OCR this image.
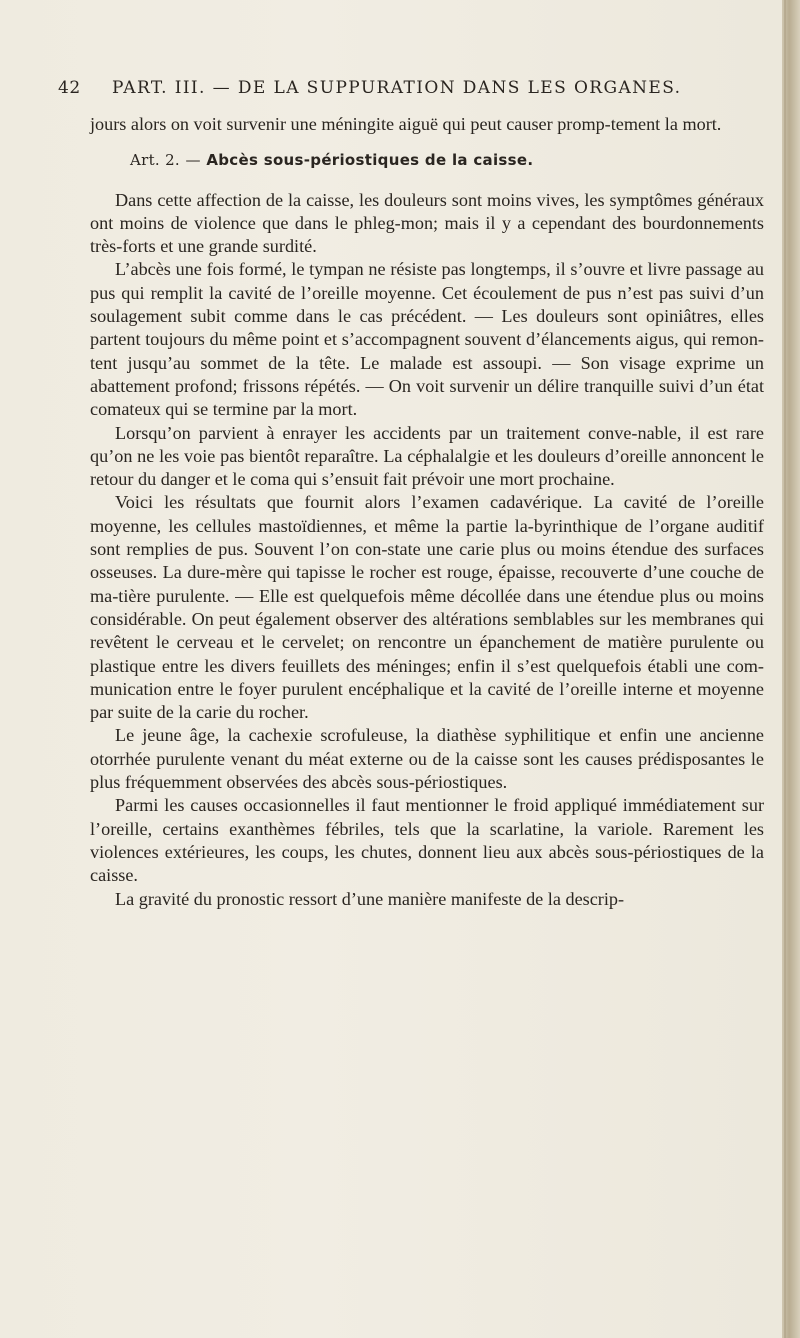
42 PART. III. — DE LA SUPPURATION DANS LES ORGANES.

jours alors on voit survenir une méningite aiguë qui peut causer promp-tement la mort.

Art. 2. — Abcès sous-périostiques de la caisse.

Dans cette affection de la caisse, les douleurs sont moins vives, les symptômes généraux ont moins de violence que dans le phleg-mon; mais il y a cependant des bourdonnements très-forts et une grande surdité.

L’abcès une fois formé, le tympan ne résiste pas longtemps, il s’ouvre et livre passage au pus qui remplit la cavité de l’oreille moyenne. Cet écoulement de pus n’est pas suivi d’un soulagement subit comme dans le cas précédent. — Les douleurs sont opiniâtres, elles partent toujours du même point et s’accompagnent souvent d’élancements aigus, qui remon-tent jusqu’au sommet de la tête. Le malade est assoupi. — Son visage exprime un abattement profond; frissons répétés. — On voit survenir un délire tranquille suivi d’un état comateux qui se termine par la mort.

Lorsqu’on parvient à enrayer les accidents par un traitement conve-nable, il est rare qu’on ne les voie pas bientôt reparaître. La céphalalgie et les douleurs d’oreille annoncent le retour du danger et le coma qui s’ensuit fait prévoir une mort prochaine.

Voici les résultats que fournit alors l’examen cadavérique. La cavité de l’oreille moyenne, les cellules mastoïdiennes, et même la partie la-byrinthique de l’organe auditif sont remplies de pus. Souvent l’on con-state une carie plus ou moins étendue des surfaces osseuses. La dure-mère qui tapisse le rocher est rouge, épaisse, recouverte d’une couche de ma-tière purulente. — Elle est quelquefois même décollée dans une étendue plus ou moins considérable. On peut également observer des altérations semblables sur les membranes qui revêtent le cerveau et le cervelet; on rencontre un épanchement de matière purulente ou plastique entre les divers feuillets des méninges; enfin il s’est quelquefois établi une com-munication entre le foyer purulent encéphalique et la cavité de l’oreille interne et moyenne par suite de la carie du rocher.

Le jeune âge, la cachexie scrofuleuse, la diathèse syphilitique et enfin une ancienne otorrhée purulente venant du méat externe ou de la caisse sont les causes prédisposantes le plus fréquemment observées des abcès sous-périostiques.

Parmi les causes occasionnelles il faut mentionner le froid appliqué immédiatement sur l’oreille, certains exanthèmes fébriles, tels que la scarlatine, la variole. Rarement les violences extérieures, les coups, les chutes, donnent lieu aux abcès sous-périostiques de la caisse.

La gravité du pronostic ressort d’une manière manifeste de la descrip-
